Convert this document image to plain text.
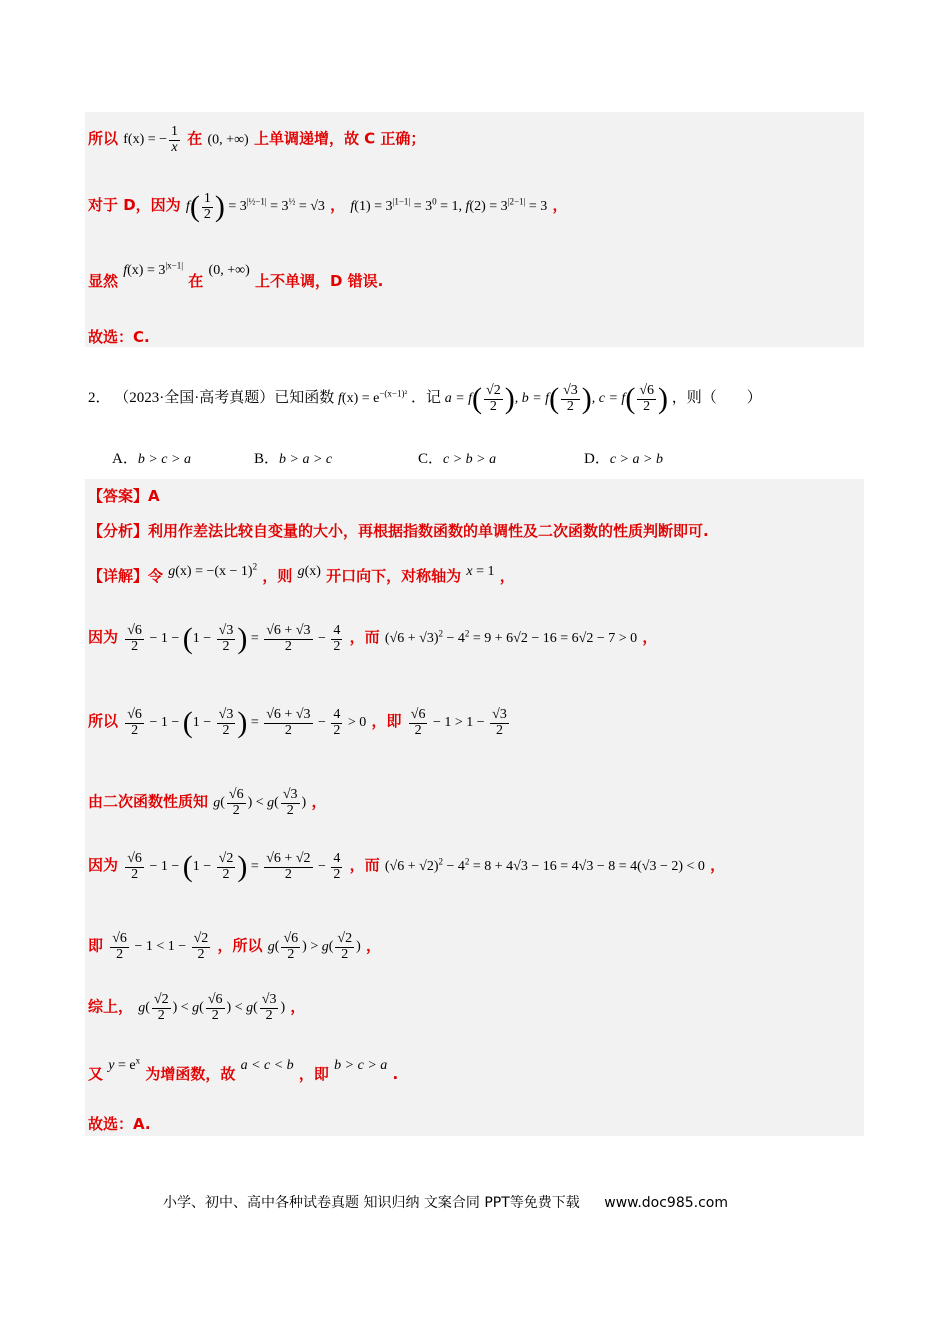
所以 f(x) = − $\frac{1}{x}$ 在 (0, +∞) 上单调递增，故 C 正确；
对于 D，因为 $f( \frac{1}{2}$ ) = $3^{|\frac{1}{2}-1|} = 3^{\frac{1}{2}} = √3$ ， $f(1) = 3^{|1-1|} = 3^0 = 1$, $f(2) = 3^{|2-1|} = 3$ ，
显然 $f(x) = 3^{|x-1|}$ 在 (0, +∞) 上不单调，D 错误.
故选：C.
2． （2023·全国·高考真题）已知函数 $f(x) = e^{-(x-1)^2}$ ．记 $a = f( \frac{√2}{2}$ ), $b = f( \frac{√3}{2}$ ), $c = f( \frac{√6}{2}$ ) ，则（　　）
A．b > c > a	B．b > a > c	C．c > b > a	D．c > a > b
【答案】A
【分析】利用作差法比较自变量的大小，再根据指数函数的单调性及二次函数的性质判断即可.
【详解】令 $g(x) = -(x - 1)^2$ ，则 g(x) 开口向下，对称轴为 x = 1 ，
因为 $\frac{√6}{2} - 1 - (1 - \frac{√3}{2}$ ) = $\frac{√6 + √3}{2} - \frac{4}{2}$ ，而 $(√6 + √3)^2 - 4^2 = 9 + 6√2 - 16 = 6√2 - 7 > 0$ ，
所以 $\frac{√6}{2} - 1 - (1 - \frac{√3}{2}$ ) = $\frac{√6 + √3}{2} - \frac{4}{2} > 0$ ，即 $\frac{√6}{2} - 1 > 1 - \frac{√3}{2}$
由二次函数性质知 $g( \frac{√6}{2}$ ) < $g( \frac{√3}{2}$ ) ，
因为 $\frac{√6}{2} - 1 - (1 - \frac{√2}{2}$ ) = $\frac{√6 + √2}{2} - \frac{4}{2}$ ，而 $(√6 + √2)^2 - 4^2 = 8 + 4√3 - 16 = 4√3 - 8 = 4(√3 - 2) < 0$ ，
即 $\frac{√6}{2} - 1 < 1 - \frac{√2}{2}$ ，所以 $g( \frac{√6}{2}$ ) > $g( \frac{√2}{2}$ ) ，
综上， $g( \frac{√2}{2}$ ) < $g( \frac{√6}{2}$ ) < $g( \frac{√3}{2}$ ) ，
又 $y = e^x$ 为增函数，故 a < c < b ，即 b > c > a .
故选：A.
小学、初中、高中各种试卷真题 知识归纳 文案合同 PPT等免费下载 www.doc985.com
